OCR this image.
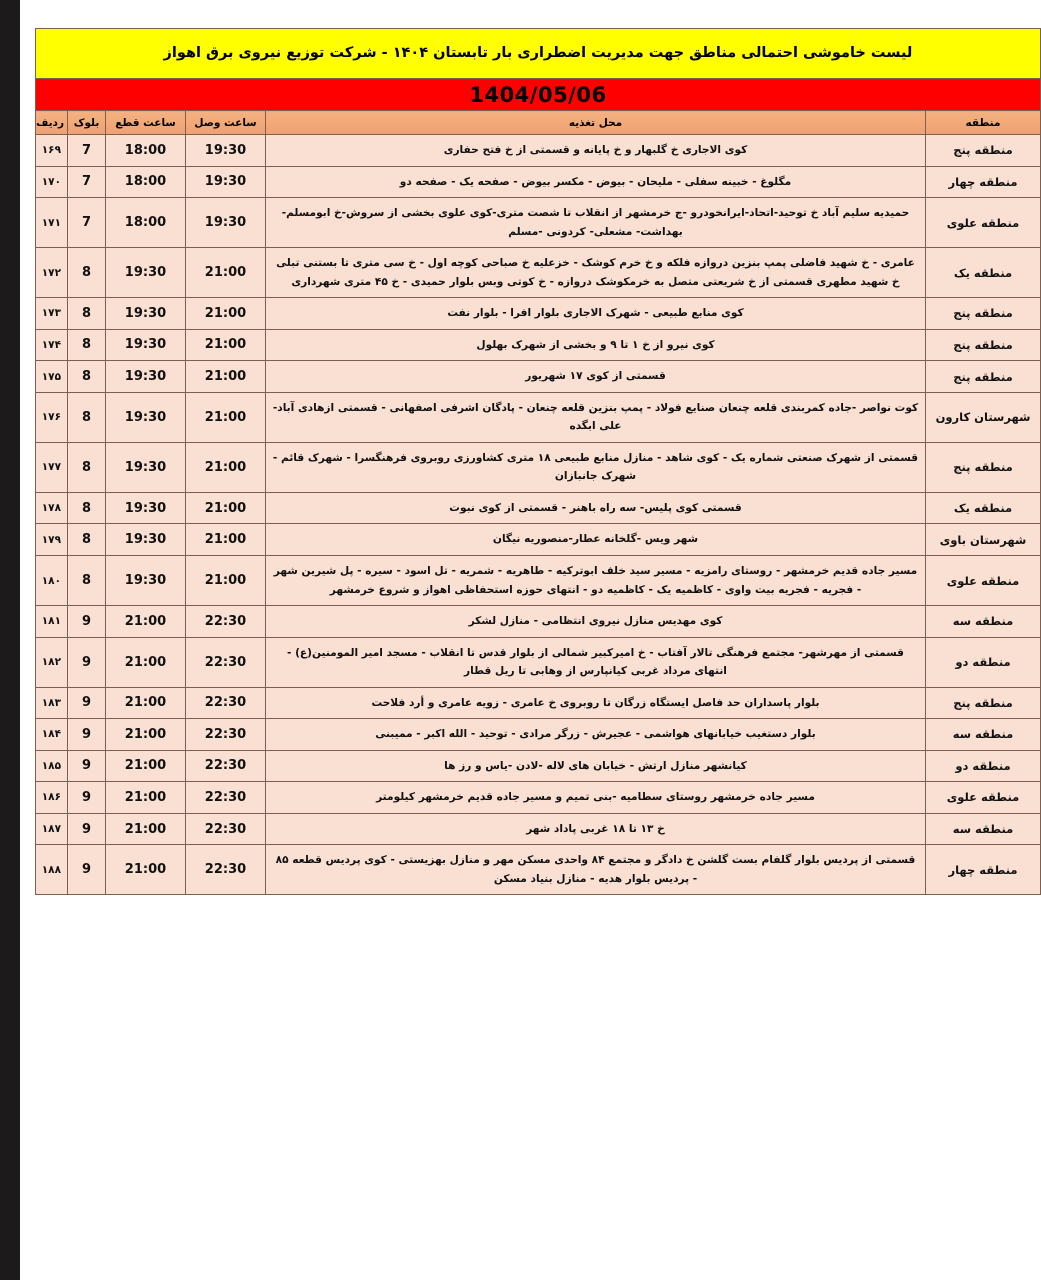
لیست خاموشی احتمالی مناطق جهت مدیریت اضطراری بار تابستان ۱۴۰۴ - شرکت توزیع نیروی برق اهواز					
1404/05/06					
منطقه	محل تغذیه	ساعت وصل	ساعت قطع	بلوک	ردیف
منطقه پنج	کوی الاجاری خ گلبهار و خ پایانه و قسمتی از خ فتح حفاری	19:30	18:00	7	۱۶۹
منطقه چهار	مگلوغ - خبینه سفلی - ملیحان - بیوض - مکسر بیوض - صفحه یک - صفحه دو	19:30	18:00	7	۱۷۰
منطقه علوی	حمیدیه سلیم آباد خ توحید-اتحاد-ایرانخودرو -ج خرمشهر از انقلاب تا شصت متری-کوی علوی بخشی از سروش-خ ابومسلم- بهداشت- مشعلی- کردونی -مسلم	19:30	18:00	7	۱۷۱
منطقه یک	عامری - خ شهید فاضلی پمپ بنزین دروازه فلکه و خ خرم کوشک - خزعلیه خ صباحی کوچه اول - خ سی متری تا بستنی تبلی خ شهید مطهری قسمتی از خ شریعتی متصل به خرمکوشک دروازه - خ کوتی وبس بلوار حمیدی - خ ۴۵ متری شهرداری	21:00	19:30	8	۱۷۲
منطقه پنج	کوی منابع طبیعی - شهرک الاجاری بلوار افرا - بلوار نفت	21:00	19:30	8	۱۷۳
منطقه پنج	کوی نیرو از خ ۱ تا ۹ و بخشی از شهرک بهلول	21:00	19:30	8	۱۷۴
منطقه پنج	قسمتی از کوی ۱۷ شهریور	21:00	19:30	8	۱۷۵
شهرستان کارون	کوت نواصر -جاده کمربندی قلعه چنعان صنایع فولاد - پمپ بنزین قلعه چنعان - پادگان اشرفی اصفهانی - قسمتی ازهادی آباد- علی ابگده	21:00	19:30	8	۱۷۶
منطقه پنج	قسمتی از شهرک صنعتی شماره یک - کوی شاهد - منازل منابع طبیعی ۱۸ متری کشاورزی روبروی فرهنگسرا - شهرک قائم - شهرک جانبازان	21:00	19:30	8	۱۷۷
منطقه یک	قسمتی کوی پلیس- سه راه باهنر - قسمتی از کوی نبوت	21:00	19:30	8	۱۷۸
شهرستان باوی	شهر ویس -گلخانه عطار-منصوریه نیگان	21:00	19:30	8	۱۷۹
منطقه علوی	مسیر جاده قدیم خرمشهر - روستای رامزیه - مسیر سید خلف ابوترکیه - طاهریه - شمریه - تل اسود - سیره - پل شیرین شهر - فجریه - فجریه بیت واوی - کاظمیه یک - کاظمیه دو - انتهای حوزه استحفاظی اهواز و شروع خرمشهر	21:00	19:30	8	۱۸۰
منطقه سه	کوی مهدیس منازل نیروی انتظامی - منازل لشکر	22:30	21:00	9	۱۸۱
منطقه دو	قسمتی از مهرشهر- مجتمع فرهنگی تالار آفتاب - خ امیرکبیر شمالی از بلوار قدس تا انقلاب - مسجد امیر المومنین(ع) - انتهای مرداد غربی کیانپارس از وهابی تا ریل قطار	22:30	21:00	9	۱۸۲
منطقه پنج	بلوار پاسداران حد فاصل ایستگاه زرگان تا روبروی خ عامری - زویه عامری و أرد فلاحت	22:30	21:00	9	۱۸۳
منطقه سه	بلوار دستغیب خیابانهای هواشمی - عجیرش - زرگر مرادی - توحید - الله اکبر - ممیبنی	22:30	21:00	9	۱۸۴
منطقه دو	کیانشهر منازل ارتش - خیابان های لاله -لادن -یاس و رز ها	22:30	21:00	9	۱۸۵
منطقه علوی	مسیر جاده خرمشهر روستای سطامیه -بنی تمیم و مسیر جاده قدیم خرمشهر کیلومتر	22:30	21:00	9	۱۸۶
منطقه سه	خ ۱۳ تا ۱۸ غربی پاداد شهر	22:30	21:00	9	۱۸۷
منطقه چهار	قسمتی از پردیس بلوار گلفام بست گلشن خ دادگر و مجتمع ۸۴ واحدی مسکن مهر و منازل بهزیستی - کوی پردیس قطعه ۸۵ - پردیس بلوار هدیه - منازل بنیاد مسکن	22:30	21:00	9	۱۸۸
